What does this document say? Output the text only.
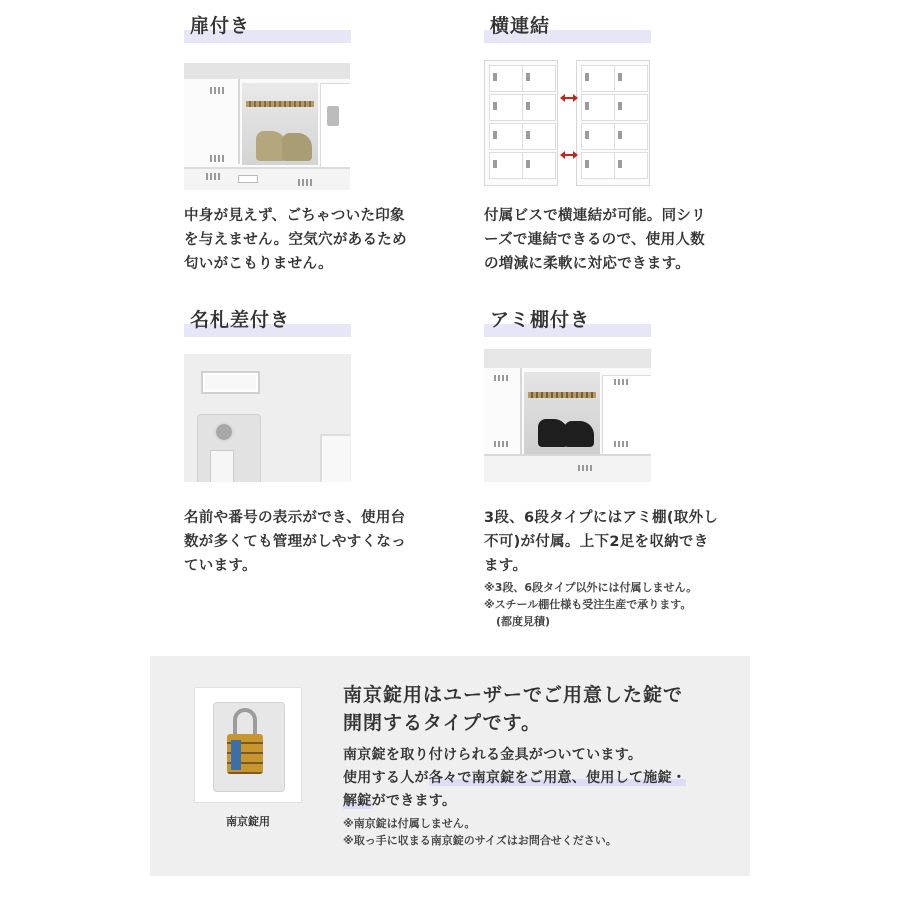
扉付き
中身が見えず、ごちゃついた印象
を与えません。空気穴があるため
匂いがこもりません。
横連結
付属ビスで横連結が可能。同シリ
ーズで連結できるので、使用人数
の増減に柔軟に対応できます。
名札差付き
名前や番号の表示ができ、使用台
数が多くても管理がしやすくなっ
ています。
アミ棚付き
3段、6段タイプにはアミ棚(取外し
不可)が付属。上下2足を収納でき
ます。
※3段、6段タイプ以外には付属しません。
※スチール棚仕様も受注生産で承ります。
(都度見積)
南京錠用
南京錠用はユーザーでご用意した錠で
開閉するタイプです。
南京錠を取り付けられる金具がついています。
使用する人が各々で南京錠をご用意、使用して施錠・
解錠ができます。
※南京錠は付属しません。
※取っ手に収まる南京錠のサイズはお問合せください。
